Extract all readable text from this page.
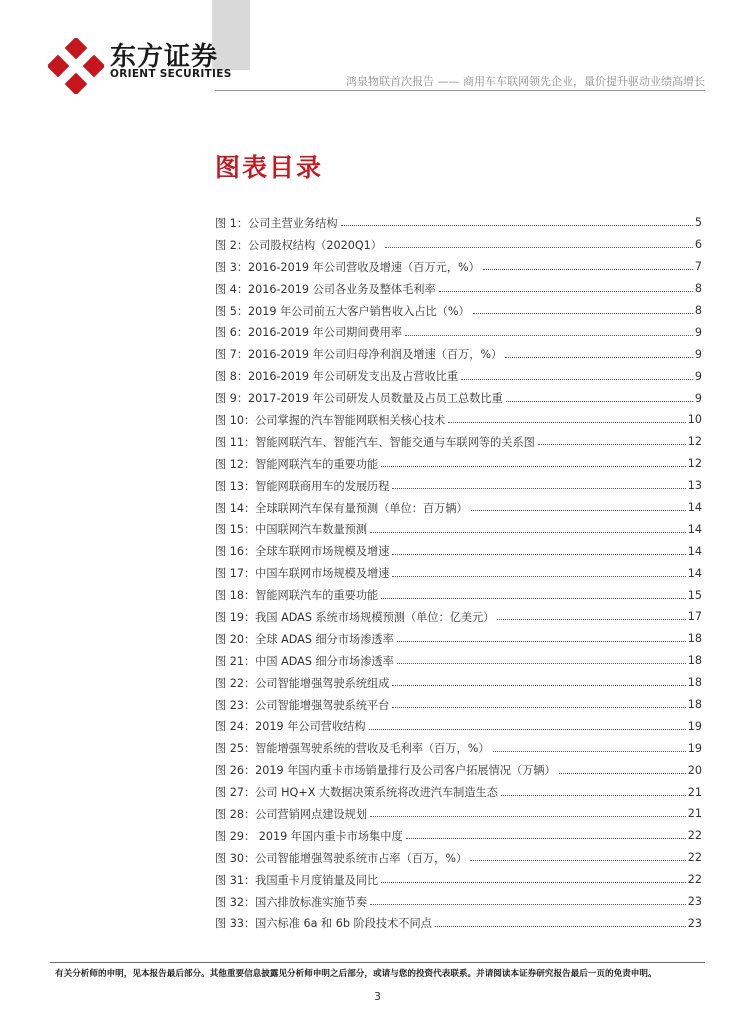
东方证券
ORIENT SECURITIES
鸿泉物联首次报告 —— 商用车车联网领先企业，量价提升驱动业绩高增长
图表目录
图 1：公司主营业务结构	5
图 2：公司股权结构（2020Q1）	6
图 3：2016-2019 年公司营收及增速（百万元，%）	7
图 4：2016-2019 公司各业务及整体毛利率	8
图 5：2019 年公司前五大客户销售收入占比（%）	8
图 6：2016-2019 年公司期间费用率	9
图 7：2016-2019 年公司归母净利润及增速（百万，%）	9
图 8：2016-2019 年公司研发支出及占营收比重	9
图 9：2017-2019 年公司研发人员数量及占员工总数比重	9
图 10：公司掌握的汽车智能网联相关核心技术	10
图 11：智能网联汽车、智能汽车、智能交通与车联网等的关系图	12
图 12：智能网联汽车的重要功能	12
图 13：智能网联商用车的发展历程	13
图 14：全球联网汽车保有量预测（单位：百万辆）	14
图 15：中国联网汽车数量预测	14
图 16：全球车联网市场规模及增速	14
图 17：中国车联网市场规模及增速	14
图 18：智能网联汽车的重要功能	15
图 19：我国 ADAS 系统市场规模预测（单位：亿美元）	17
图 20：全球 ADAS 细分市场渗透率	18
图 21：中国 ADAS 细分市场渗透率	18
图 22：公司智能增强驾驶系统组成	18
图 23：公司智能增强驾驶系统平台	18
图 24：2019 年公司营收结构	19
图 25：智能增强驾驶系统的营收及毛利率（百万，%）	19
图 26：2019 年国内重卡市场销量排行及公司客户拓展情况（万辆）	20
图 27：公司 HQ+X 大数据决策系统将改进汽车制造生态	21
图 28：公司营销网点建设规划	21
图 29： 2019 年国内重卡市场集中度	22
图 30：公司智能增强驾驶系统市占率（百万，%）	22
图 31：我国重卡月度销量及同比	22
图 32：国六排放标准实施节奏	23
图 33：国六标准 6a 和 6b 阶段技术不同点	23
有关分析师的申明，见本报告最后部分。其他重要信息披露见分析师申明之后部分，或请与您的投资代表联系。并请阅读本证券研究报告最后一页的免责申明。
3
